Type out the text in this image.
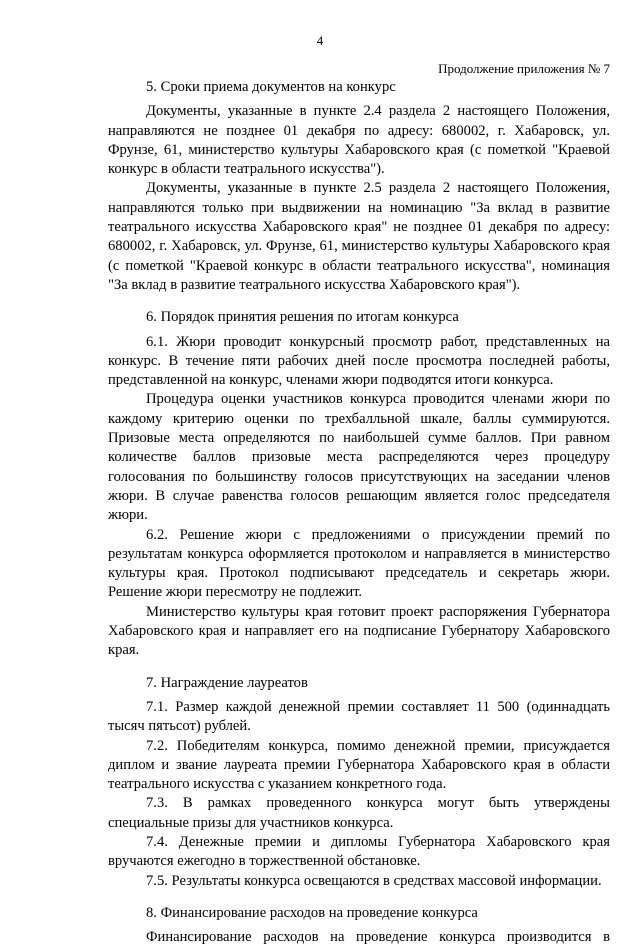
4
Продолжение приложения № 7

5. Сроки приема документов на конкурс

Документы, указанные в пункте 2.4 раздела 2 настоящего Положения, направляются не позднее 01 декабря по адресу: 680002, г. Хабаровск, ул. Фрунзе, 61, министерство культуры Хабаровского края (с пометкой "Краевой конкурс в области театрального искусства").

Документы, указанные в пункте 2.5 раздела 2 настоящего Положения, направляются только при выдвижении на номинацию "За вклад в развитие театрального искусства Хабаровского края" не позднее 01 декабря по адресу: 680002, г. Хабаровск, ул. Фрунзе, 61, министерство культуры Хабаровского края (с пометкой "Краевой конкурс в области театрального искусства", номинация "За вклад в развитие театрального искусства Хабаровского края").

6. Порядок принятия решения по итогам конкурса

6.1. Жюри проводит конкурсный просмотр работ, представленных на конкурс. В течение пяти рабочих дней после просмотра последней работы, представленной на конкурс, членами жюри подводятся итоги конкурса.

Процедура оценки участников конкурса проводится членами жюри по каждому критерию оценки по трехбалльной шкале, баллы суммируются. Призовые места определяются по наибольшей сумме баллов. При равном количестве баллов призовые места распределяются через процедуру голосования по большинству голосов присутствующих на заседании членов жюри. В случае равенства голосов решающим является голос председателя жюри.

6.2. Решение жюри с предложениями о присуждении премий по результатам конкурса оформляется протоколом и направляется в министерство культуры края. Протокол подписывают председатель и секретарь жюри. Решение жюри пересмотру не подлежит.

Министерство культуры края готовит проект распоряжения Губернатора Хабаровского края и направляет его на подписание Губернатору Хабаровского края.

7. Награждение лауреатов

7.1. Размер каждой денежной премии составляет 11 500 (одиннадцать тысяч пятьсот) рублей.

7.2. Победителям конкурса, помимо денежной премии, присуждается диплом и звание лауреата премии Губернатора Хабаровского края в области театрального искусства с указанием конкретного года.

7.3. В рамках проведенного конкурса могут быть утверждены специальные призы для участников конкурса.

7.4. Денежные премии и дипломы Губернатора Хабаровского края вручаются ежегодно в торжественной обстановке.

7.5. Результаты конкурса освещаются в средствах массовой информации.

8. Финансирование расходов на проведение конкурса

Финансирование расходов на проведение конкурса производится в
